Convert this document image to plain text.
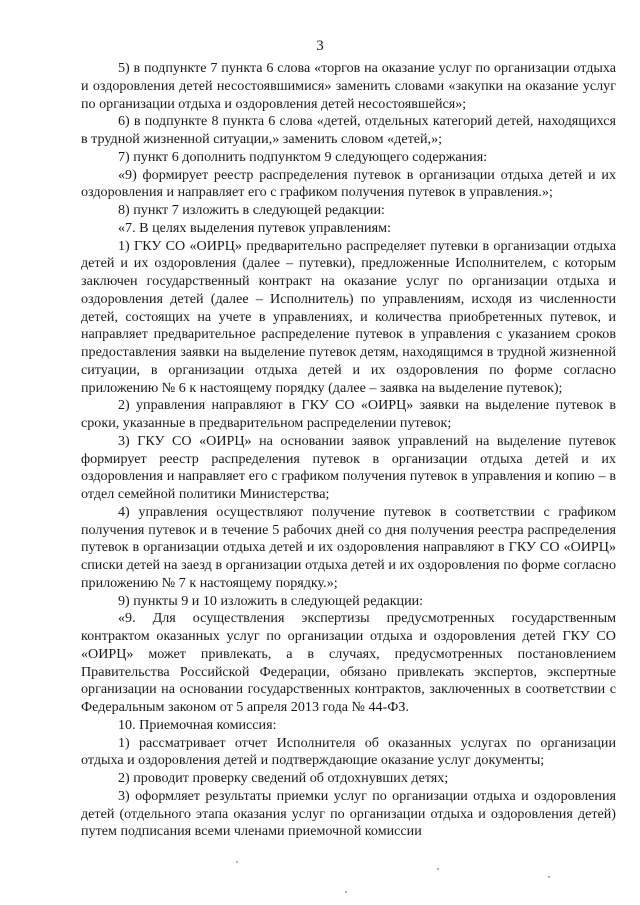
3

5) в подпункте 7 пункта 6 слова «торгов на оказание услуг по организации отдыха и оздоровления детей несостоявшимися» заменить словами «закупки на оказание услуг по организации отдыха и оздоровления детей несостоявшейся»;

6) в подпункте 8 пункта 6 слова «детей, отдельных категорий детей, находящихся в трудной жизненной ситуации,» заменить словом «детей,»;

7) пункт 6 дополнить подпунктом 9 следующего содержания:

«9) формирует реестр распределения путевок в организации отдыха детей и их оздоровления и направляет его с графиком получения путевок в управления.»;

8) пункт 7 изложить в следующей редакции:

«7. В целях выделения путевок управлениям:

1) ГКУ СО «ОИРЦ» предварительно распределяет путевки в организации отдыха детей и их оздоровления (далее – путевки), предложенные Исполнителем, с которым заключен государственный контракт на оказание услуг по организации отдыха и оздоровления детей (далее – Исполнитель) по управлениям, исходя из численности детей, состоящих на учете в управлениях, и количества приобретенных путевок, и направляет предварительное распределение путевок в управления с указанием сроков предоставления заявки на выделение путевок детям, находящимся в трудной жизненной ситуации, в организации отдыха детей и их оздоровления по форме согласно приложению № 6 к настоящему порядку (далее – заявка на выделение путевок);

2) управления направляют в ГКУ СО «ОИРЦ» заявки на выделение путевок в сроки, указанные в предварительном распределении путевок;

3) ГКУ СО «ОИРЦ» на основании заявок управлений на выделение путевок формирует реестр распределения путевок в организации отдыха детей и их оздоровления и направляет его с графиком получения путевок в управления и копию – в отдел семейной политики Министерства;

4) управления осуществляют получение путевок в соответствии с графиком получения путевок и в течение 5 рабочих дней со дня получения реестра распределения путевок в организации отдыха детей и их оздоровления направляют в ГКУ СО «ОИРЦ» списки детей на заезд в организации отдыха детей и их оздоровления по форме согласно приложению № 7 к настоящему порядку.»;

9) пункты 9 и 10 изложить в следующей редакции:

«9. Для осуществления экспертизы предусмотренных государственным контрактом оказанных услуг по организации отдыха и оздоровления детей ГКУ СО «ОИРЦ» может привлекать, а в случаях, предусмотренных постановлением Правительства Российской Федерации, обязано привлекать экспертов, экспертные организации на основании государственных контрактов, заключенных в соответствии с Федеральным законом от 5 апреля 2013 года № 44-ФЗ.

10. Приемочная комиссия:

1) рассматривает отчет Исполнителя об оказанных услугах по организации отдыха и оздоровления детей и подтверждающие оказание услуг документы;

2) проводит проверку сведений об отдохнувших детях;

3) оформляет результаты приемки услуг по организации отдыха и оздоровления детей (отдельного этапа оказания услуг по организации отдыха и оздоровления детей) путем подписания всеми членами приемочной комиссии
